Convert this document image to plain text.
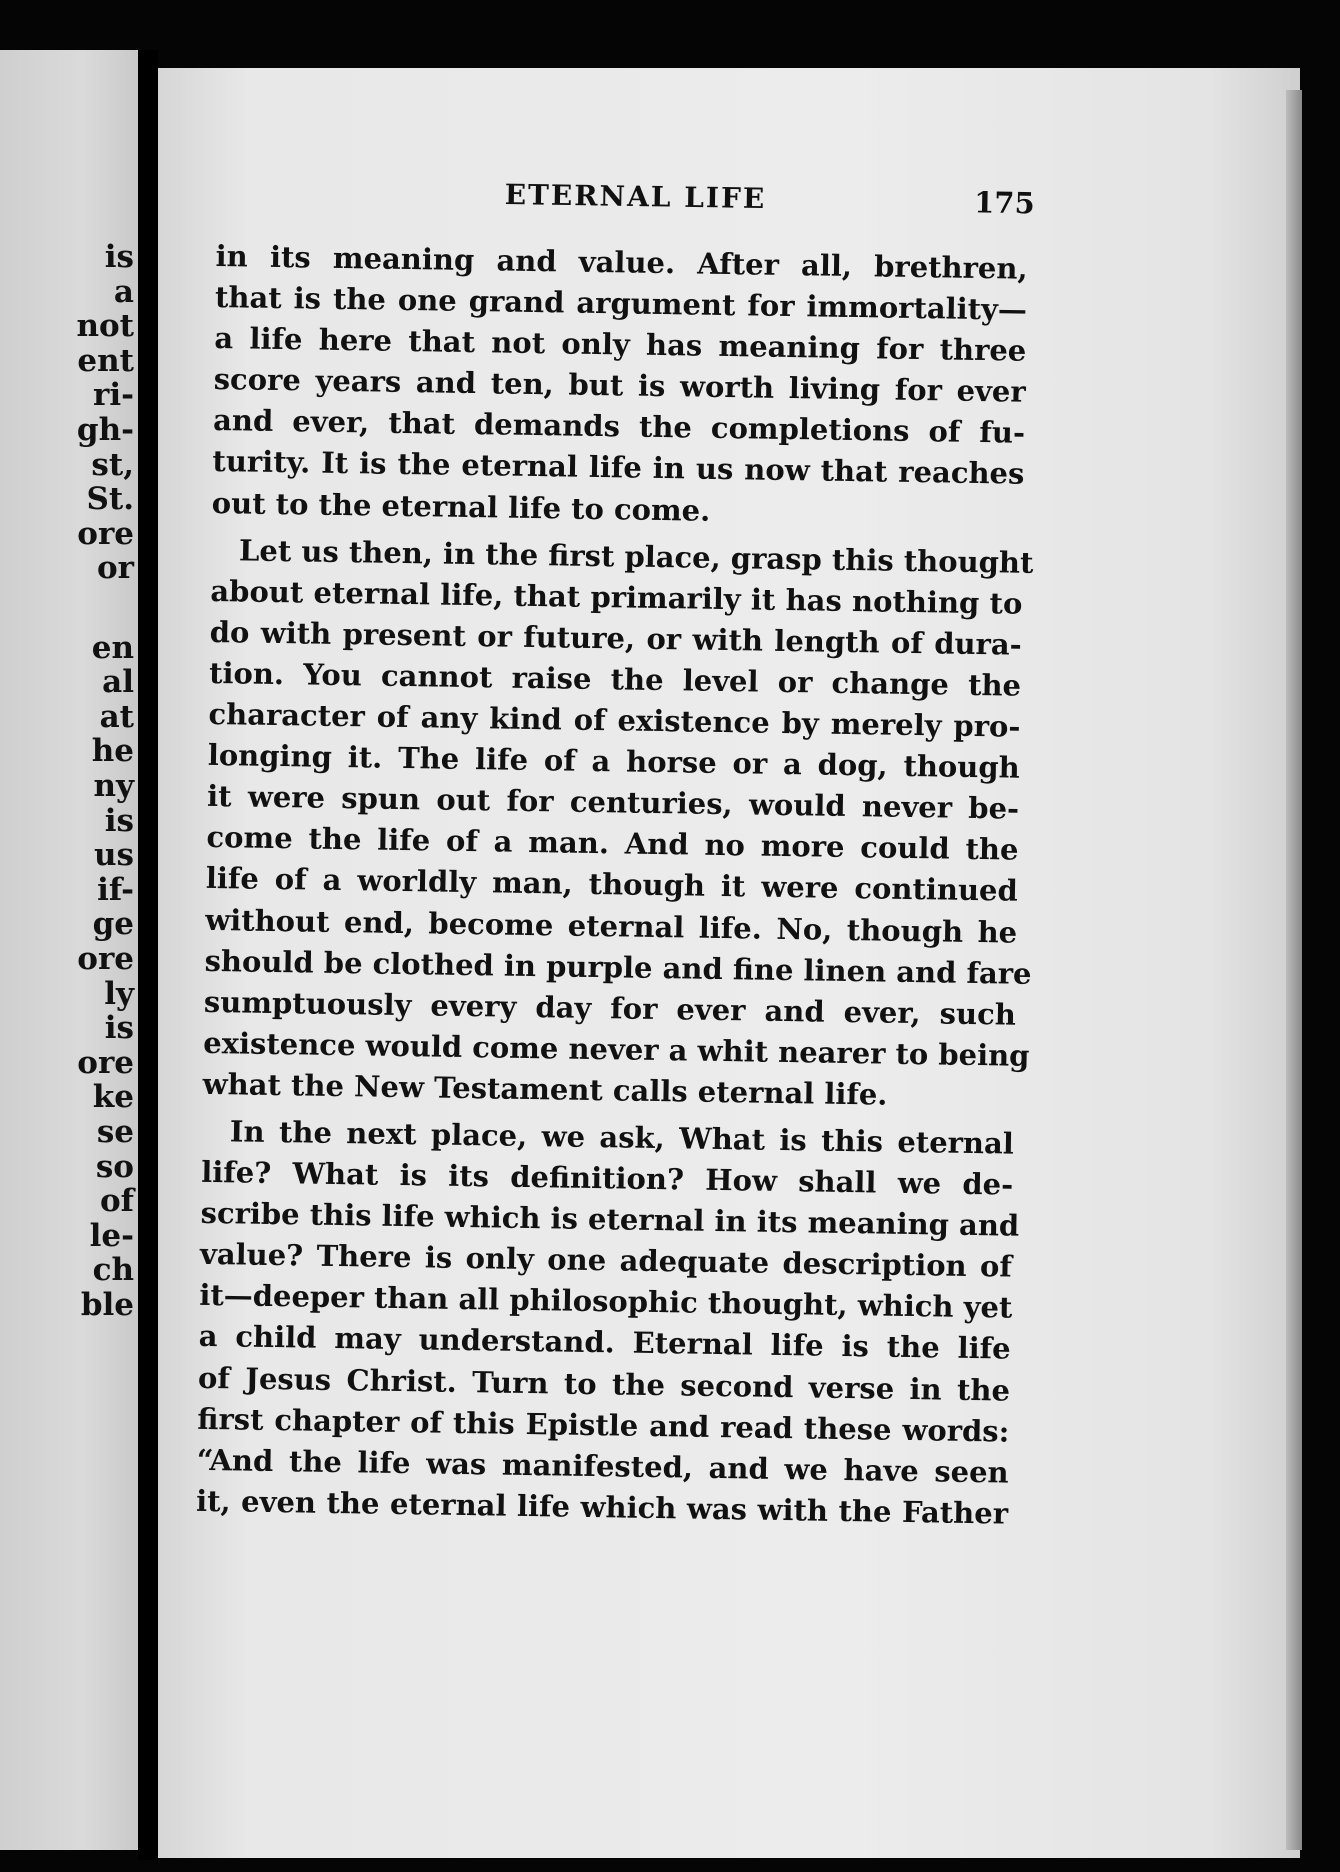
is
a
not
ent
ri-
gh-
st,
St.
ore
or
en
al
at
he
ny
is
us
if-
ge
ore
ly
is
ore
ke
se
so
of
le-
ch
ble
ETERNAL LIFE	175
in its meaning and value. After all, brethren,
that is the one grand argument for immortality—
a life here that not only has meaning for three
score years and ten, but is worth living for ever
and ever, that demands the completions of fu-
turity. It is the eternal life in us now that reaches
out to the eternal life to come.
Let us then, in the first place, grasp this thought
about eternal life, that primarily it has nothing to
do with present or future, or with length of dura-
tion. You cannot raise the level or change the
character of any kind of existence by merely pro-
longing it. The life of a horse or a dog, though
it were spun out for centuries, would never be-
come the life of a man. And no more could the
life of a worldly man, though it were continued
without end, become eternal life. No, though he
should be clothed in purple and fine linen and fare
sumptuously every day for ever and ever, such
existence would come never a whit nearer to being
what the New Testament calls eternal life.
In the next place, we ask, What is this eternal
life? What is its definition? How shall we de-
scribe this life which is eternal in its meaning and
value? There is only one adequate description of
it—deeper than all philosophic thought, which yet
a child may understand. Eternal life is the life
of Jesus Christ. Turn to the second verse in the
first chapter of this Epistle and read these words:
“And the life was manifested, and we have seen
it, even the eternal life which was with the Father
